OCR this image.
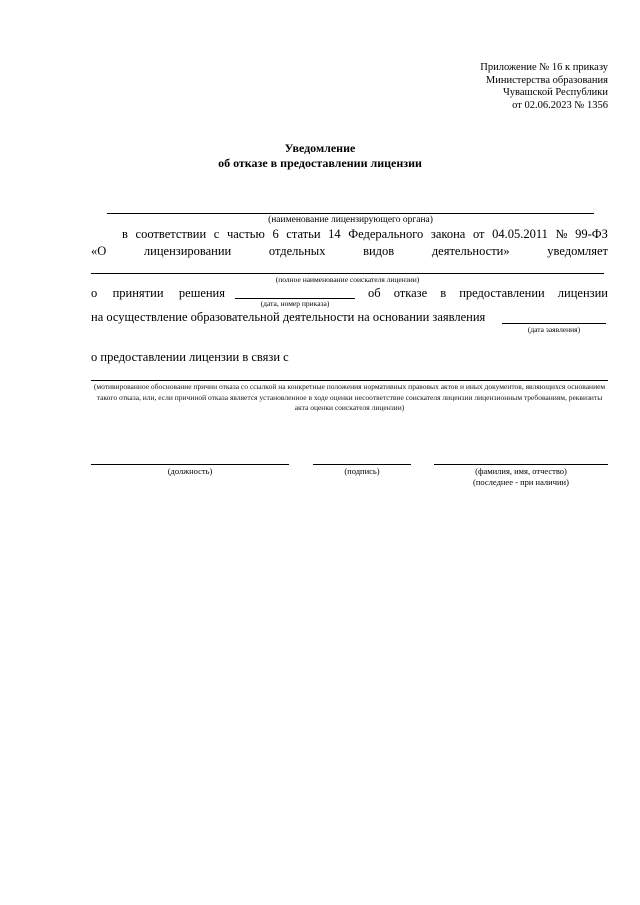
Приложение № 16 к приказу
Министерства образования
Чувашской Республики
от 02.06.2023 № 1356
Уведомление
об отказе в предоставлении лицензии
(наименование лицензирующего органа)
в соответствии с частью 6 статьи 14 Федерального закона от 04.05.2011 № 99-ФЗ
«О	лицензировании	отдельных	видов	деятельности»	уведомляет
(полное наименование соискателя лицензии)
о принятии решения
(дата, номер приказа)
об отказе в предоставлении лицензии
на осуществление образовательной деятельности на основании заявления
(дата заявления)
о предоставлении лицензии в связи с
(мотивированное обоснование причин отказа со ссылкой на конкретные положения нормативных правовых актов и иных документов, являющихся основанием такого отказа, или, если причиной отказа является установленное в ходе оценки несоответствие соискателя лицензии лицензионным требованиям, реквизиты акта оценки соискателя лицензии)
(должность)	(подпись)	(фамилия, имя, отчество)
(последнее - при наличии)
